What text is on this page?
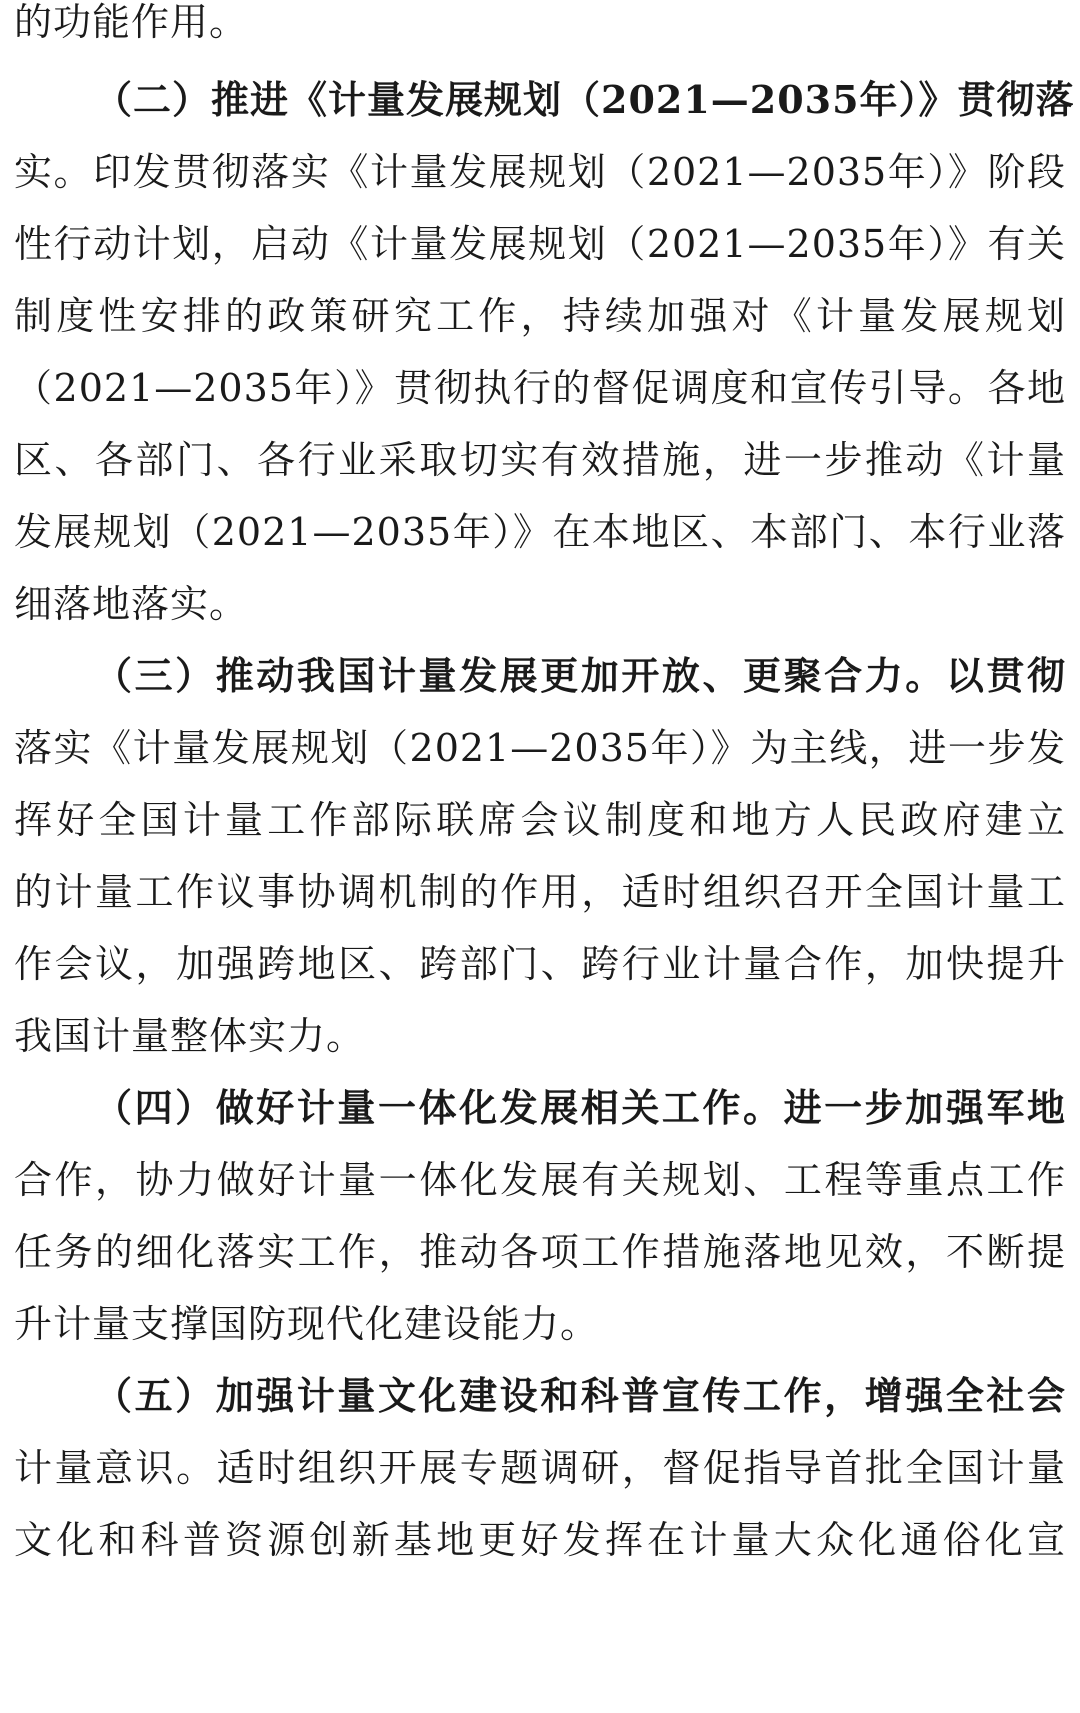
的功能作用。
（二）推进《计量发展规划（2021—2035年）》贯彻落
实。印发贯彻落实《计量发展规划（2021—2035年）》阶段
性行动计划，启动《计量发展规划（2021—2035年）》有关
制度性安排的政策研究工作，持续加强对《计量发展规划
（2021—2035年）》贯彻执行的督促调度和宣传引导。各地
区、各部门、各行业采取切实有效措施，进一步推动《计量
发展规划（2021—2035年）》在本地区、本部门、本行业落
细落地落实。
（三）推动我国计量发展更加开放、更聚合力。以贯彻
落实《计量发展规划（2021—2035年）》为主线，进一步发
挥好全国计量工作部际联席会议制度和地方人民政府建立
的计量工作议事协调机制的作用，适时组织召开全国计量工
作会议，加强跨地区、跨部门、跨行业计量合作，加快提升
我国计量整体实力。
（四）做好计量一体化发展相关工作。进一步加强军地
合作，协力做好计量一体化发展有关规划、工程等重点工作
任务的细化落实工作，推动各项工作措施落地见效，不断提
升计量支撑国防现代化建设能力。
（五）加强计量文化建设和科普宣传工作，增强全社会
计量意识。适时组织开展专题调研，督促指导首批全国计量
文化和科普资源创新基地更好发挥在计量大众化通俗化宣
